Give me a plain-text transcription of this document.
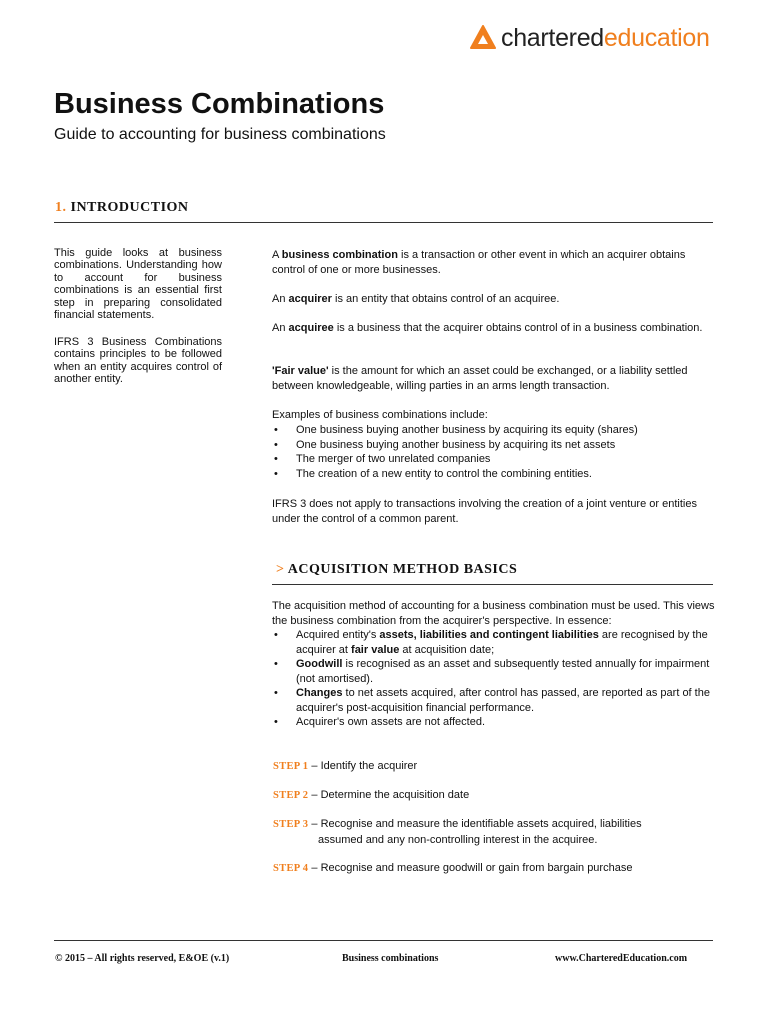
charterededucation
Business Combinations
Guide to accounting for business combinations
1. INTRODUCTION
This guide looks at business combinations. Understanding how to account for business combinations is an essential first step in preparing consolidated financial statements.
IFRS 3 Business Combinations contains principles to be followed when an entity acquires control of another entity.
A business combination is a transaction or other event in which an acquirer obtains control of one or more businesses.
An acquirer is an entity that obtains control of an acquiree.
An acquiree is a business that the acquirer obtains control of in a business combination.
'Fair value' is the amount for which an asset could be exchanged, or a liability settled between knowledgeable, willing parties in an arms length transaction.
Examples of business combinations include:
• One business buying another business by acquiring its equity (shares)
• One business buying another business by acquiring its net assets
• The merger of two unrelated companies
• The creation of a new entity to control the combining entities.
IFRS 3 does not apply to transactions involving the creation of a joint venture or entities under the control of a common parent.
> ACQUISITION METHOD BASICS
The acquisition method of accounting for a business combination must be used. This views the business combination from the acquirer's perspective. In essence:
• Acquired entity's assets, liabilities and contingent liabilities are recognised by the acquirer at fair value at acquisition date;
• Goodwill is recognised as an asset and subsequently tested annually for impairment (not amortised).
• Changes to net assets acquired, after control has passed, are reported as part of the acquirer's post-acquisition financial performance.
• Acquirer's own assets are not affected.
STEP 1 – Identify the acquirer
STEP 2 – Determine the acquisition date
STEP 3 – Recognise and measure the identifiable assets acquired, liabilities
assumed and any non-controlling interest in the acquiree.
STEP 4 – Recognise and measure goodwill or gain from bargain purchase
© 2015 – All rights reserved, E&OE (v.1)	Business combinations	www.CharteredEducation.com
